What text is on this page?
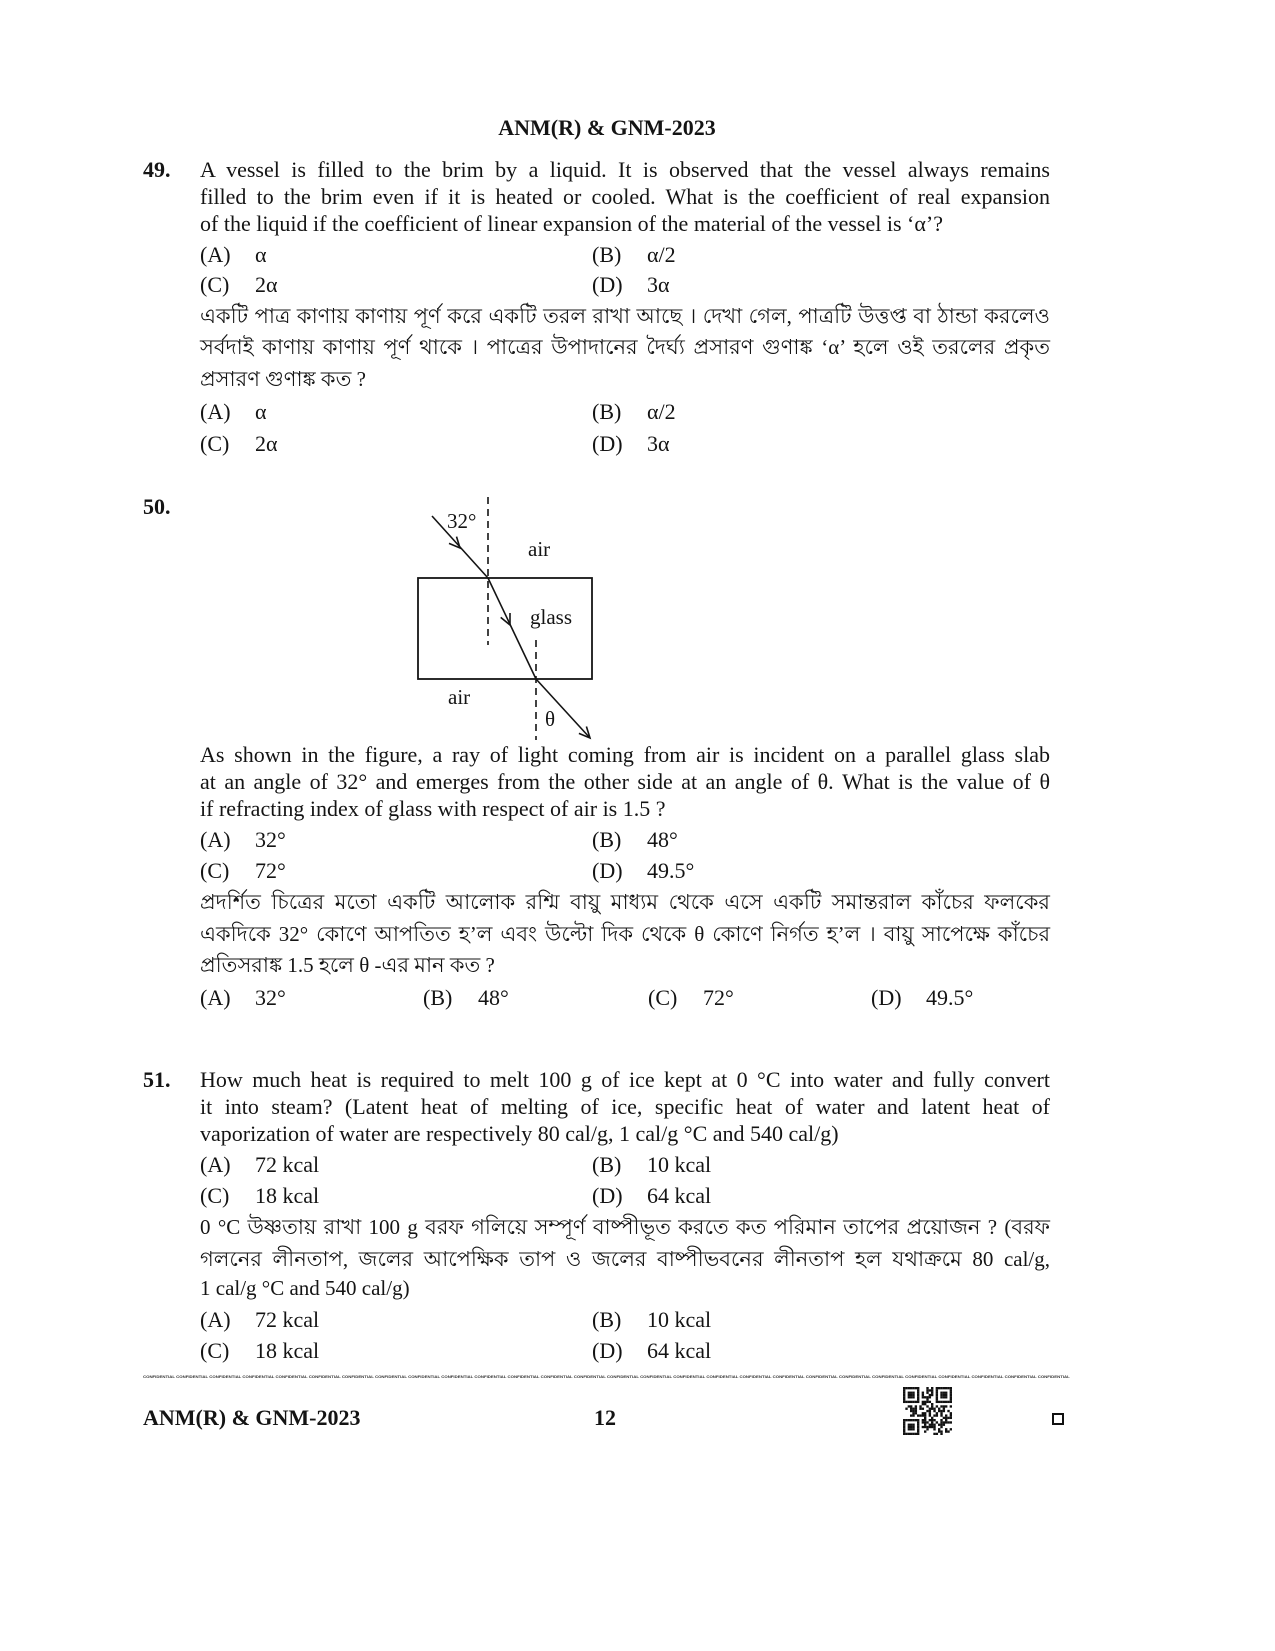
ANM(R) & GNM-2023
49. A vessel is filled to the brim by a liquid. It is observed that the vessel always remains
filled to the brim even if it is heated or cooled. What is the coefficient of real expansion
of the liquid if the coefficient of linear expansion of the material of the vessel is ‘α’?
(A) α	(B) α/2
(C) 2α	(D) 3α
একটি পাত্র কাণায় কাণায় পূর্ণ করে একটি তরল রাখা আছে । দেখা গেল, পাত্রটি উত্তপ্ত বা ঠান্ডা করলেও
সর্বদাই কাণায় কাণায় পূর্ণ থাকে । পাত্রের উপাদানের দৈর্ঘ্য প্রসারণ গুণাঙ্ক ‘α’ হলে ওই তরলের প্রকৃত
প্রসারণ গুণাঙ্ক কত ?
(A) α	(B) α/2
(C) 2α	(D) 3α
50.
32°
air
glass
air
θ
As shown in the figure, a ray of light coming from air is incident on a parallel glass slab
at an angle of 32° and emerges from the other side at an angle of θ. What is the value of θ
if refracting index of glass with respect of air is 1.5 ?
(A) 32°	(B) 48°
(C) 72°	(D) 49.5°
প্রদর্শিত চিত্রের মতো একটি আলোক রশ্মি বায়ু মাধ্যম থেকে এসে একটি সমান্তরাল কাঁচের ফলকের
একদিকে 32° কোণে আপতিত হ’ল এবং উল্টো দিক থেকে θ কোণে নির্গত হ’ল । বায়ু সাপেক্ষে কাঁচের
প্রতিসরাঙ্ক 1.5 হলে θ -এর মান কত ?
(A) 32°	(B) 48°	(C) 72°	(D) 49.5°
51. How much heat is required to melt 100 g of ice kept at 0 °C into water and fully convert
it into steam? (Latent heat of melting of ice, specific heat of water and latent heat of
vaporization of water are respectively 80 cal/g, 1 cal/g °C and 540 cal/g)
(A) 72 kcal	(B) 10 kcal
(C) 18 kcal	(D) 64 kcal
0 °C উষ্ণতায় রাখা 100 g বরফ গলিয়ে সম্পূর্ণ বাষ্পীভূত করতে কত পরিমান তাপের প্রয়োজন ? (বরফ
গলনের লীনতাপ, জলের আপেক্ষিক তাপ ও জলের বাষ্পীভবনের লীনতাপ হল যথাক্রমে 80 cal/g,
1 cal/g °C and 540 cal/g)
(A) 72 kcal	(B) 10 kcal
(C) 18 kcal	(D) 64 kcal
CONFIDENTIAL CONFIDENTIAL CONFIDENTIAL CONFIDENTIAL CONFIDENTIAL CONFIDENTIAL CONFIDENTIAL CONFIDENTIAL CONFIDENTIAL CONFIDENTIAL CONFIDENTIAL CONFIDENTIAL CONFIDENTIAL CONFIDENTIAL CONFIDENTIAL CONFIDENTIAL CONFIDENTIAL CONFIDENTIAL CONFIDENTIAL CONFIDENTIAL CONFIDENTIAL CONFIDENTIAL CONFIDENTIAL CONFIDENTIAL CONFIDENTIAL CONFIDENTIAL CONFIDENTIAL CONFIDENTIAL
ANM(R) & GNM-2023	12
